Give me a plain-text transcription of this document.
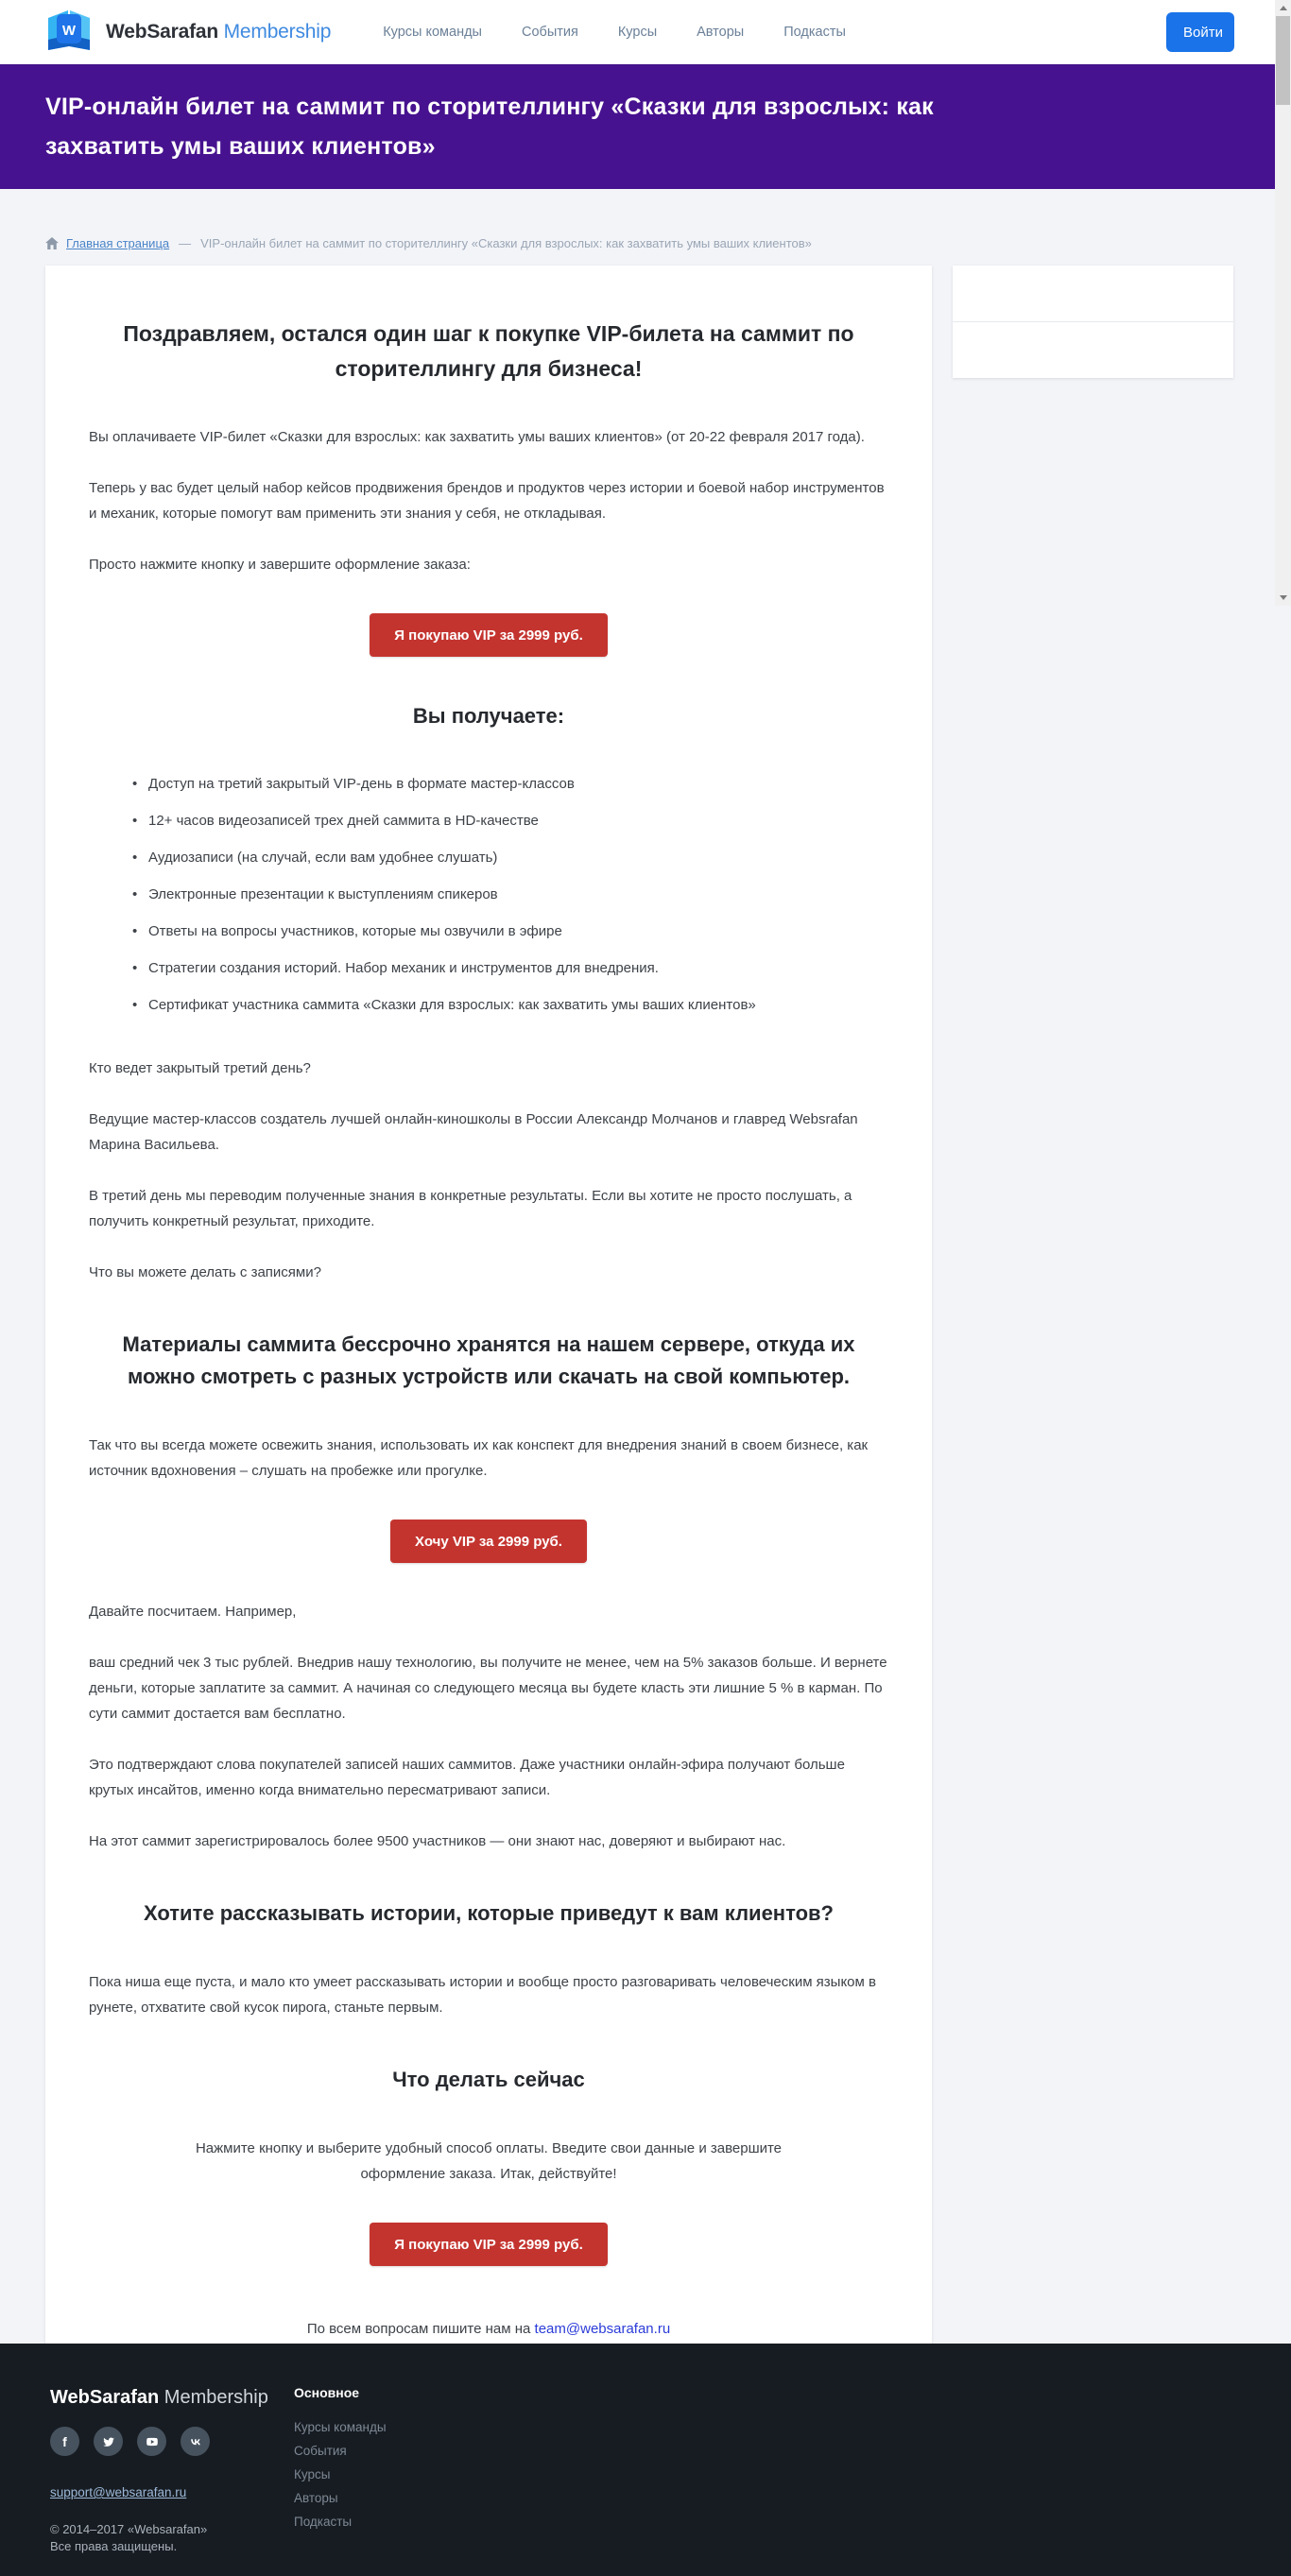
W WebSarafan Membership	Курсы команды	События	Курсы	Авторы	Подкасты	Войти
VIP-онлайн билет на саммит по сторителлингу «Сказки для взрослых: как захватить умы ваших клиентов»
Главная страница — VIP-онлайн билет на саммит по сторителлингу «Сказки для взрослых: как захватить умы ваших клиентов»
Поздравляем, остался один шаг к покупке VIP-билета на саммит по сторителлингу для бизнеса!

Вы оплачиваете VIP-билет «Сказки для взрослых: как захватить умы ваших клиентов» (от 20-22 февраля 2017 года).

Теперь у вас будет целый набор кейсов продвижения брендов и продуктов через истории и боевой набор инструментов и механик, которые помогут вам применить эти знания у себя, не откладывая.

Просто нажмите кнопку и завершите оформление заказа:

Я покупаю VIP за 2999 руб.
Вы получаете:
• Доступ на третий закрытый VIP-день в формате мастер-классов
• 12+ часов видеозаписей трех дней саммита в HD-качестве
• Аудиозаписи (на случай, если вам удобнее слушать)
• Электронные презентации к выступлениям спикеров
• Ответы на вопросы участников, которые мы озвучили в эфире
• Стратегии создания историй. Набор механик и инструментов для внедрения.
• Сертификат участника саммита «Сказки для взрослых: как захватить умы ваших клиентов»

Кто ведет закрытый третий день?

Ведущие мастер-классов создатель лучшей онлайн-киношколы в России Александр Молчанов и главред Websrafan Марина Васильева.

В третий день мы переводим полученные знания в конкретные результаты. Если вы хотите не просто послушать, а получить конкретный результат, приходите.

Что вы можете делать с записями?

Материалы саммита бессрочно хранятся на нашем сервере, откуда их можно смотреть с разных устройств или скачать на свой компьютер.

Так что вы всегда можете освежить знания, использовать их как конспект для внедрения знаний в своем бизнесе, как источник вдохновения – слушать на пробежке или прогулке.

Хочу VIP за 2999 руб.

Давайте посчитаем. Например,

ваш средний чек 3 тыс рублей. Внедрив нашу технологию, вы получите не менее, чем на 5% заказов больше. И вернете деньги, которые заплатите за саммит. А начиная со следующего месяца вы будете класть эти лишние 5 % в карман. По сути саммит достается вам бесплатно.

Это подтверждают слова покупателей записей наших саммитов. Даже участники онлайн-эфира получают больше крутых инсайтов, именно когда внимательно пересматривают записи.

На этот саммит зарегистрировалось более 9500 участников — они знают нас, доверяют и выбирают нас.

Хотите рассказывать истории, которые приведут к вам клиентов?

Пока ниша еще пуста, и мало кто умеет рассказывать истории и вообще просто разговаривать человеческим языком в рунете, отхватите свой кусок пирога, станьте первым.

Что делать сейчас

Нажмите кнопку и выберите удобный способ оплаты. Введите свои данные и завершите оформление заказа. Итак, действуйте!

Я покупаю VIP за 2999 руб.
По всем вопросам пишите нам на team@websarafan.ru
WebSarafan Membership
f
support@websarafan.ru
© 2014–2017 «Websarafan»
Все права защищены.
Основное
Курсы команды
События
Курсы
Авторы
Подкасты
